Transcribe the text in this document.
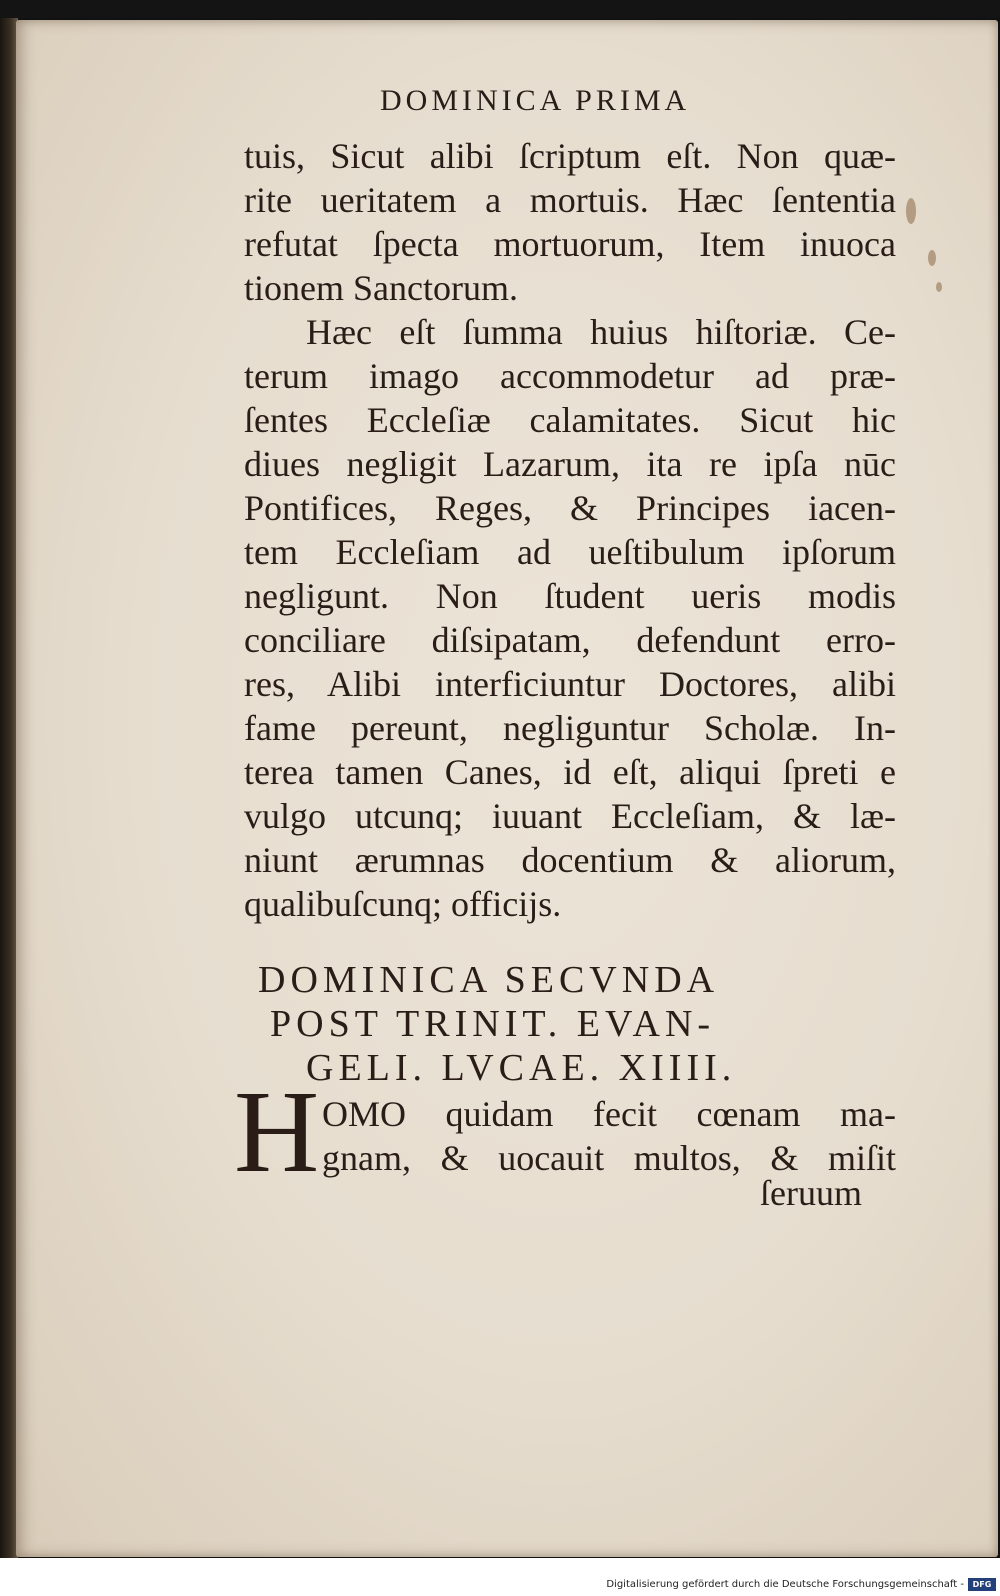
DOMINICA PRIMA
tuis, Sicut alibi ſcriptum eſt. Non quæ-
rite ueritatem a mortuis. Hæc ſententia
refutat ſpecta mortuorum, Item inuoca
tionem Sanctorum.
Hæc eſt ſumma huius hiſtoriæ. Ce-
terum imago accommodetur ad præ-
ſentes Eccleſiæ calamitates. Sicut hic
diues negligit Lazarum, ita re ipſa nūc
Pontifices, Reges, & Principes iacen-
tem Eccleſiam ad ueſtibulum ipſorum
negligunt. Non ſtudent ueris modis
conciliare diſsipatam, defendunt erro-
res, Alibi interficiuntur Doctores, alibi
fame pereunt, negliguntur Scholæ. In-
terea tamen Canes, id eſt, aliqui ſpreti e
vulgo utcunq; iuuant Eccleſiam, & læ-
niunt ærumnas docentium & aliorum,
qualibuſcunq; officijs.
DOMINICA SECVNDA
POST TRINIT. EVAN-
GELI. LVCAE. XIIII.
H OMO quidam fecit cœnam ma-
gnam, & uocauit multos, & miſit
ſeruum
Digitalisierung gefördert durch die Deutsche Forschungsgemeinschaft -	DFG
